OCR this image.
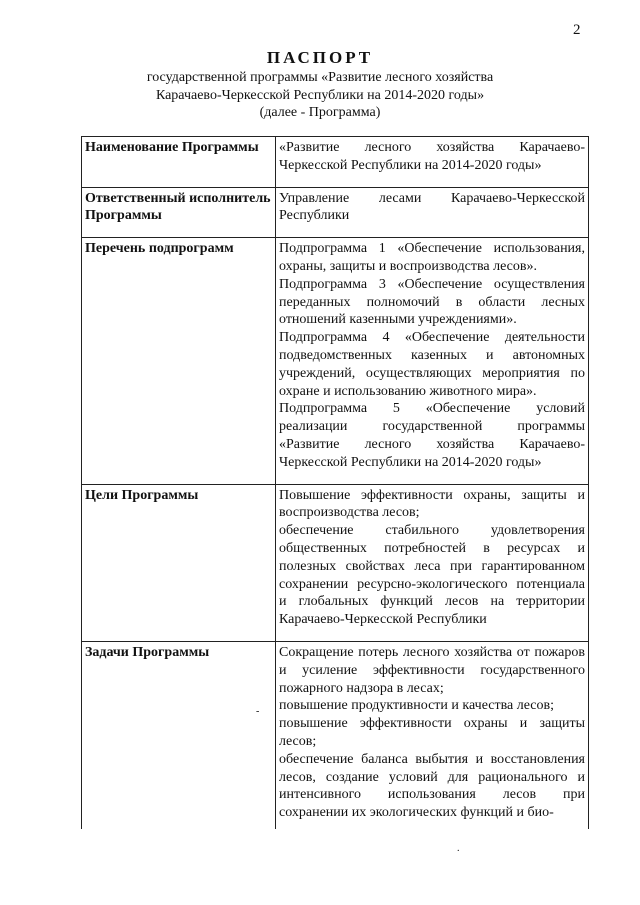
2
ПАСПОРТ
государственной программы «Развитие лесного хозяйства
Карачаево-Черкесской Республики на 2014-2020 годы»
(далее - Программа)
Наименование Программы	«Развитие лесного хозяйства Карачаево-Черкесской Республики на 2014-2020 годы»

Ответственный исполнитель Программы	Управление лесами Карачаево-Черкесской Республики

Перечень подпрограмм	Подпрограмма 1 «Обеспечение использования, охраны, защиты и воспроизводства лесов».

Подпрограмма 3 «Обеспечение осуществления переданных полномочий в области лесных отношений казенными учреждениями».

Подпрограмма 4 «Обеспечение деятельности подведомственных казенных и автономных учреждений, осуществляющих мероприятия по охране и использованию животного мира».

Подпрограмма 5 «Обеспечение условий реализации государственной программы «Развитие лесного хозяйства Карачаево-Черкесской Республики на 2014-2020 годы»

Цели Программы	Повышение эффективности охраны, защиты и воспроизводства лесов;

обеспечение стабильного удовлетворения общественных потребностей в ресурсах и полезных свойствах леса при гарантированном сохранении ресурсно-экологического потенциала и глобальных функций лесов на территории Карачаево-Черкесской Республики

Задачи Программы	Сокращение потерь лесного хозяйства от пожаров и усиление эффективности государственного пожарного надзора в лесах;

повышение продуктивности и качества лесов;

повышение эффективности охраны и защиты лесов;

обеспечение баланса выбытия и восстановления лесов, создание условий для рационального и интенсивного использования лесов при сохранении их экологических функций и био-

-
.
